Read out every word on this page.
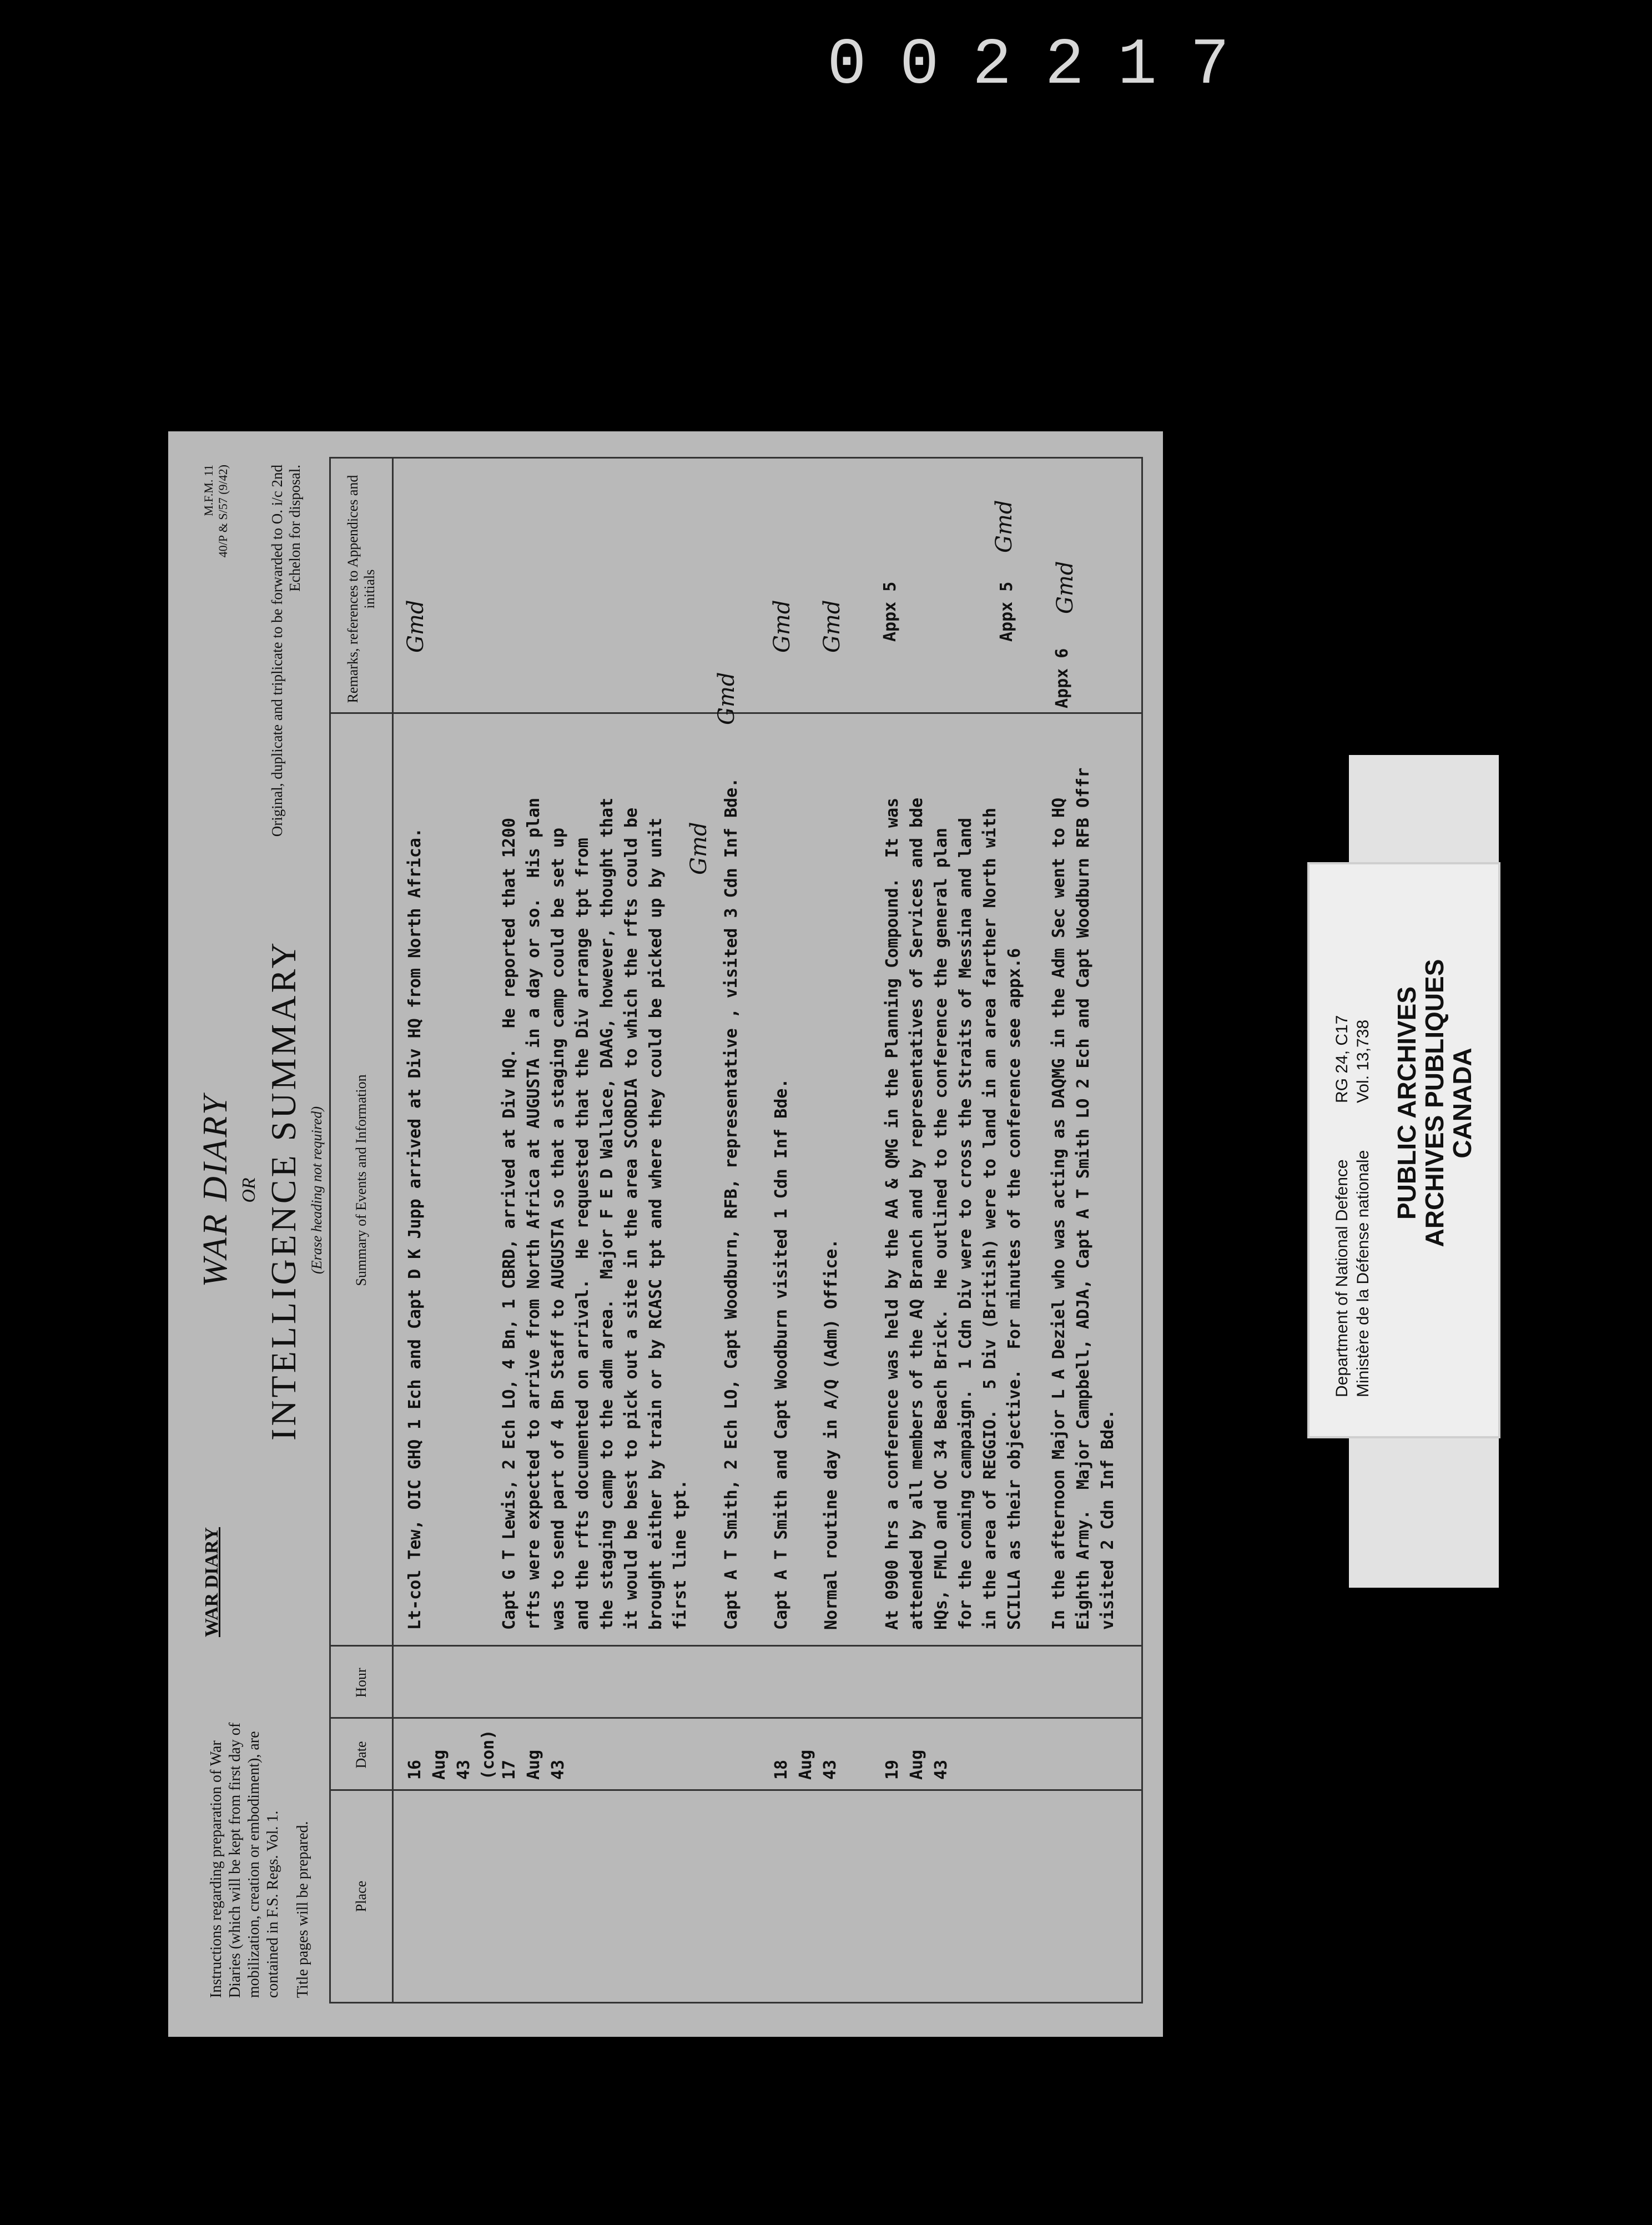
002217
Instructions regarding preparation of War Diaries (which will be kept from first day of mobilization, creation or embodiment), are contained in F.S. Regs. Vol. 1. Title pages will be prepared.
WAR DIARY
WAR DIARY OR INTELLIGENCE SUMMARY (Erase heading not required)
M.F.M. 11
40/P & S/57 (9/42)	Original, duplicate and triplicate to be forwarded to O. i/c 2nd Echelon for disposal.
Place
Date
Hour
Summary of Events and Information
Remarks, references to Appendices and initials
16
Aug
43
(con)
Lt-col Tew, OIC GHQ 1 Ech and Capt D K Jupp arrived at Div HQ from North Africa.
Gmd
17
Aug
43
Capt G T Lewis, 2 Ech LO, 4 Bn, 1 CBRD, arrived at Div HQ.  He reported that 1200
rfts were expected to arrive from North Africa at AUGUSTA in a day or so.  His plan
was to send part of 4 Bn Staff to AUGUSTA so that a staging camp could be set up
and the rfts documented on arrival.  He requested that the Div arrange tpt from
the staging camp to the adm area.  Major F E D Wallace, DAAG, however, thought that
it would be best to pick out a site in the area SCORDIA to which the rfts could be
brought either by train or by RCASC tpt and where they could be picked up by unit
first line tpt.
Gmd Capt A T Smith, 2 Ech LO, Capt Woodburn, RFB, representative , visited 3 Cdn Inf Bde.
Gmd
18
Aug
43
Capt A T Smith and Capt Woodburn visited 1 Cdn Inf Bde.
Gmd
Normal routine day in A/Q (Adm) Office.
Gmd
19
Aug
43
At 0900 hrs a conference was held by the AA & QMG in the Planning Compound.  It was
attended by all members of the AQ Branch and by representatives of Services and bde
HQs, FMLO and OC 34 Beach Brick.  He outlined to the conference the general plan
for the coming campaign.  1 Cdn Div were to cross the Straits of Messina and land
in the area of REGGIO.  5 Div (British) were to land in an area farther North with
SCILLA as their objective.  For minutes of the conference see appx.6
Appx 5	Appx 5
Gmd
In the afternoon Major L A Deziel who was acting as DAQMG in the Adm Sec went to HQ
Eighth Army.  Major Campbell, ADJA, Capt A T Smith LO 2 Ech and Capt Woodburn RFB Offr
visited 2 Cdn Inf Bde.
Appx 6
Gmd
Department of National Defence Ministère de la Défense nationale
RG 24, C17 Vol. 13,738 PUBLIC ARCHIVES
ARCHIVES PUBLIQUES
CANADA
